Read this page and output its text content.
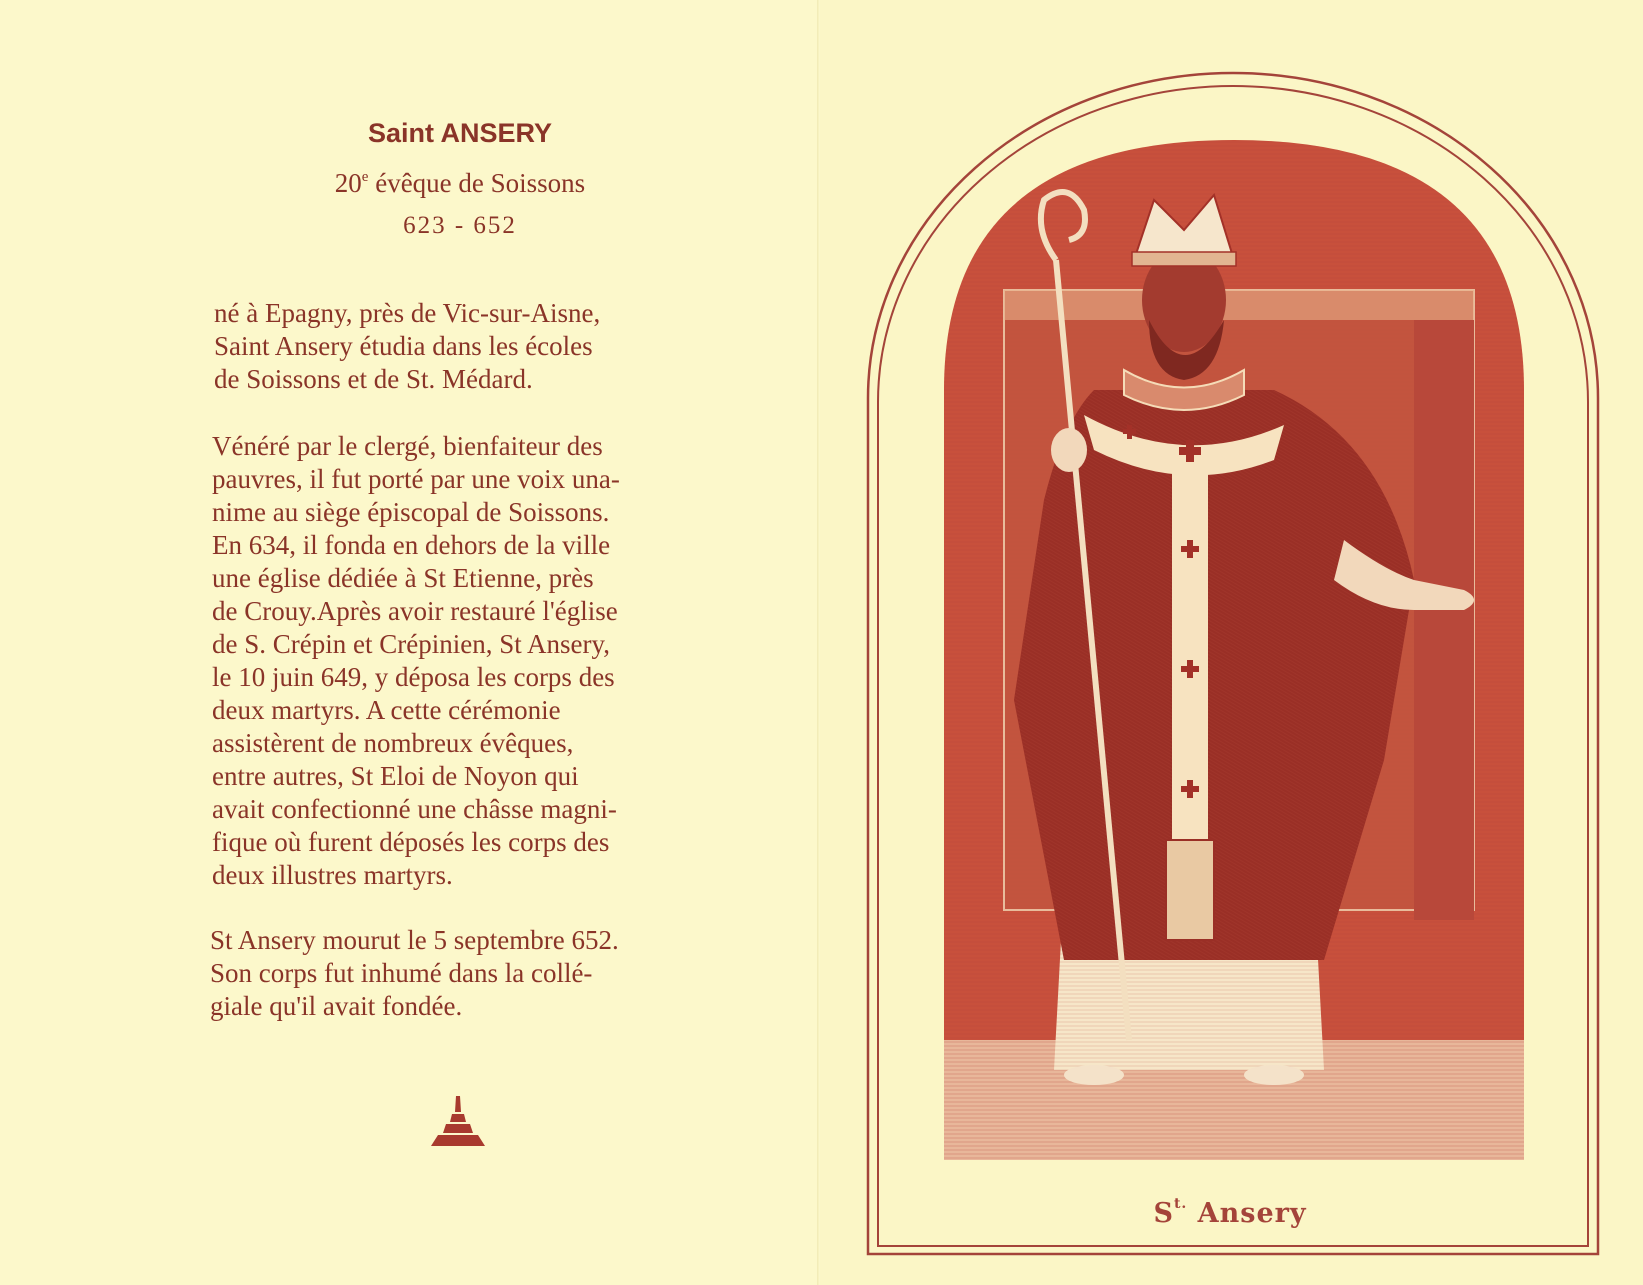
Saint ANSERY
20e évêque de Soissons
623 - 652
né à Epagny, près de Vic-sur-Aisne,
Saint Ansery étudia dans les écoles
de Soissons et de St. Médard.
Vénéré par le clergé, bienfaiteur des
pauvres, il fut porté par une voix una-
nime au siège épiscopal de Soissons.
En 634, il fonda en dehors de la ville
une église dédiée à St Etienne, près
de Crouy.Après avoir restauré l'église
de S. Crépin et Crépinien, St Ansery,
le 10 juin 649, y déposa les corps des
deux martyrs. A cette cérémonie
assistèrent de nombreux évêques,
entre autres, St Eloi de Noyon qui
avait confectionné une châsse magni-
fique où furent déposés les corps des
deux illustres martyrs.
St Ansery mourut le 5 septembre 652.
Son corps fut inhumé dans la collé-
giale qu'il avait fondée.
$S^{t.}$ Ansery
